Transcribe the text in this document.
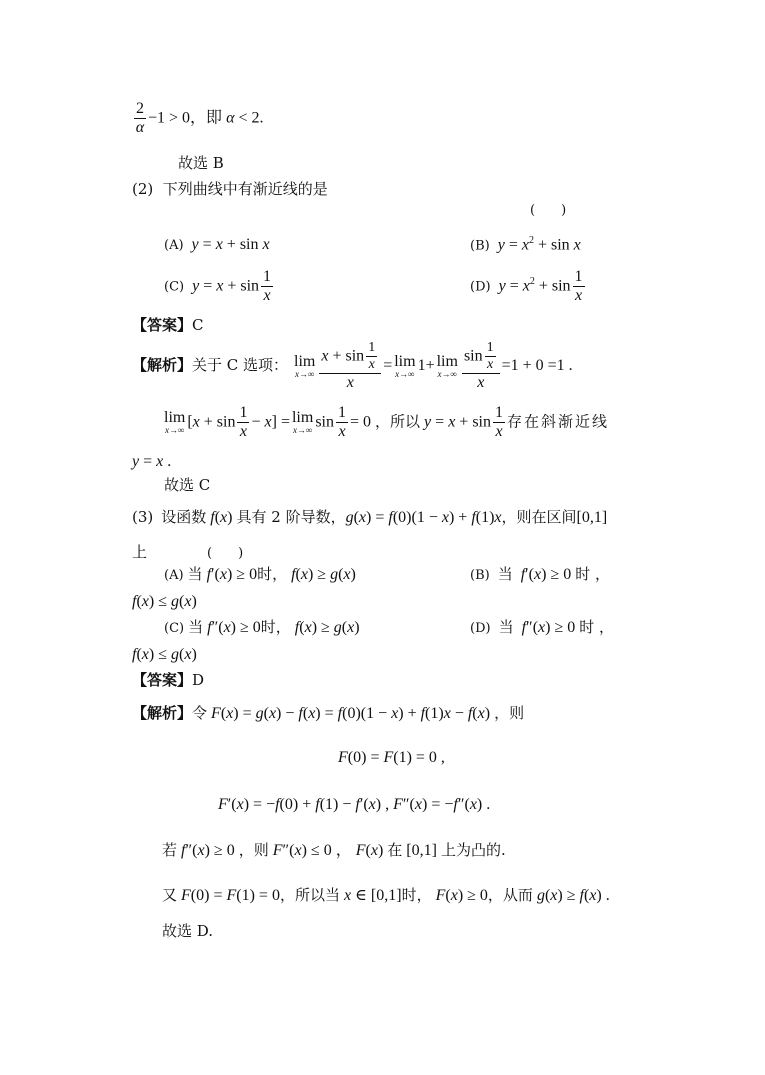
$\frac{2}{\alpha} -1 > 0$，即 α < 2.
故选 B
(2) 下列曲线中有渐近线的是
(　　)
(A) y = x + sin x	(B) $y = x^2 + \sin x$
(C) $y = x + \sin \frac{1}{x}$	(D) $y = x^2 + \sin \frac{1}{x}$
【答案】C
【解析】关于 C 选项： lim
$x\to\infty \frac{x + \sin \frac{1}{x}}{x} = \lim$
x→∞ 1+ lim
$x\to\infty \frac{\sin \frac{1}{x}}{x} =1 + 0 =1$ .
lim
x→∞ $[x + \sin \frac{1}{x} - x] = \lim$
x→∞ $\sin \frac{1}{x} = 0$ ，所以 $y = x + \sin \frac{1}{x}$ 存在斜渐近线
y = x .
故选 C
(3) 设函数 f(x) 具有 2 阶导数，g(x) = f(0)(1 − x) + f(1)x，则在区间[0,1]
上	(　　)
(A) 当 f′(x) ≥ 0时， f(x) ≥ g(x)	(B) 当 f′(x) ≥ 0 时 ，
f(x) ≤ g(x)
(C) 当 f″(x) ≥ 0时， f(x) ≥ g(x)	(D) 当 f″(x) ≥ 0 时 ，
f(x) ≤ g(x)
【答案】D
【解析】令 F(x) = g(x) − f(x) = f(0)(1 − x) + f(1)x − f(x) ，则
F(0) = F(1) = 0 ,
F′(x) = −f(0) + f(1) − f′(x) , F″(x) = −f″(x) .
若 f″(x) ≥ 0 ，则 F″(x) ≤ 0 ， F(x) 在 [0,1] 上为凸的.
又 F(0) = F(1) = 0，所以当 x ∈ [0,1]时， F(x) ≥ 0，从而 g(x) ≥ f(x) .
故选 D.
